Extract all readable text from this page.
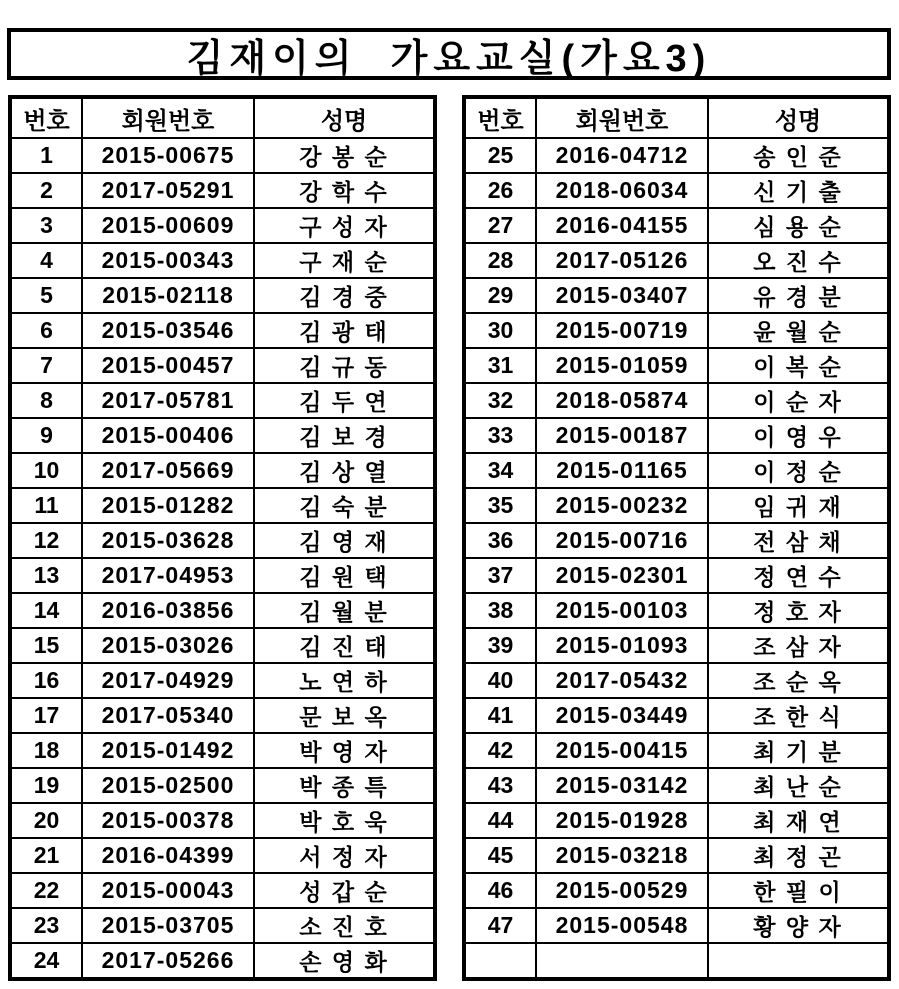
김재이의  가요교실(가요3)
번호	회원번호	성명
1	2015-00675	강 봉 순
2	2017-05291	강 학 수
3	2015-00609	구 성 자
4	2015-00343	구 재 순
5	2015-02118	김 경 중
6	2015-03546	김 광 태
7	2015-00457	김 규 동
8	2017-05781	김 두 연
9	2015-00406	김 보 경
10	2017-05669	김 상 열
11	2015-01282	김 숙 분
12	2015-03628	김 영 재
13	2017-04953	김 원 택
14	2016-03856	김 월 분
15	2015-03026	김 진 태
16	2017-04929	노 연 하
17	2017-05340	문 보 옥
18	2015-01492	박 영 자
19	2015-02500	박 종 특
20	2015-00378	박 호 욱
21	2016-04399	서 정 자
22	2015-00043	성 갑 순
23	2015-03705	소 진 호
24	2017-05266	손 영 화
번호	회원번호	성명
25	2016-04712	송 인 준
26	2018-06034	신 기 출
27	2016-04155	심 용 순
28	2017-05126	오 진 수
29	2015-03407	유 경 분
30	2015-00719	윤 월 순
31	2015-01059	이 복 순
32	2018-05874	이 순 자
33	2015-00187	이 영 우
34	2015-01165	이 정 순
35	2015-00232	임 귀 재
36	2015-00716	전 삼 채
37	2015-02301	정 연 수
38	2015-00103	정 호 자
39	2015-01093	조 삼 자
40	2017-05432	조 순 옥
41	2015-03449	조 한 식
42	2015-00415	최 기 분
43	2015-03142	최 난 순
44	2015-01928	최 재 연
45	2015-03218	최 정 곤
46	2015-00529	한 필 이
47	2015-00548	황 양 자
